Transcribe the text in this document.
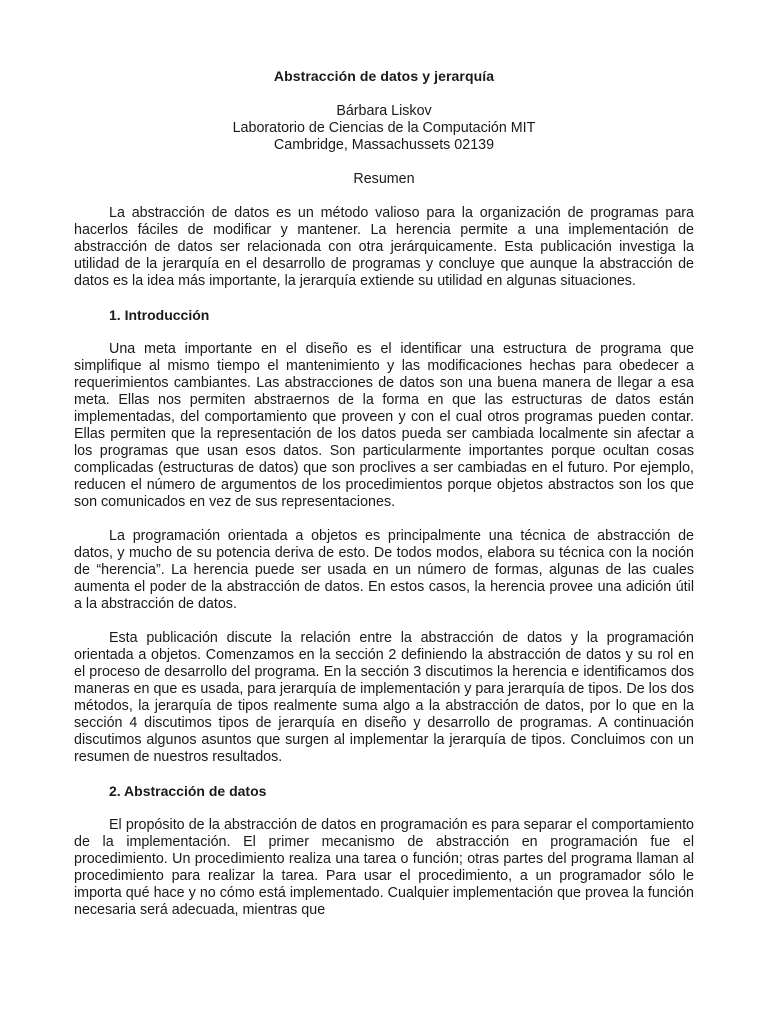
Abstracción de datos y jerarquía
Bárbara Liskov
Laboratorio de Ciencias de la Computación MIT
Cambridge, Massachussets 02139
Resumen

La abstracción de datos es un método valioso para la organización de programas para hacerlos fáciles de modificar y mantener. La herencia permite a una implementación de abstracción de datos ser relacionada con otra jerárquicamente. Esta publicación investiga la utilidad de la jerarquía en el desarrollo de programas y concluye que aunque la abstracción de datos es la idea más importante, la jerarquía extiende su utilidad en algunas situaciones.

1. Introducción

Una meta importante en el diseño es el identificar una estructura de programa que simplifique al mismo tiempo el mantenimiento y las modificaciones hechas para obedecer a requerimientos cambiantes. Las abstracciones de datos son una buena manera de llegar a esa meta. Ellas nos permiten abstraernos de la forma en que las estructuras de datos están implementadas, del comportamiento que proveen y con el cual otros programas pueden contar. Ellas permiten que la representación de los datos pueda ser cambiada localmente sin afectar a los programas que usan esos datos. Son particularmente importantes porque ocultan cosas complicadas (estructuras de datos) que son proclives a ser cambiadas en el futuro. Por ejemplo, reducen el número de argumentos de los procedimientos porque objetos abstractos son los que son comunicados en vez de sus representaciones.

La programación orientada a objetos es principalmente una técnica de abstracción de datos, y mucho de su potencia deriva de esto. De todos modos, elabora su técnica con la noción de “herencia”. La herencia puede ser usada en un número de formas, algunas de las cuales aumenta el poder de la abstracción de datos. En estos casos, la herencia provee una adición útil a la abstracción de datos.

Esta publicación discute la relación entre la abstracción de datos y la programación orientada a objetos. Comenzamos en la sección 2 definiendo la abstracción de datos y su rol en el proceso de desarrollo del programa. En la sección 3 discutimos la herencia e identificamos dos maneras en que es usada, para jerarquía de implementación y para jerarquía de tipos. De los dos métodos, la jerarquía de tipos realmente suma algo a la abstracción de datos, por lo que en la sección 4 discutimos tipos de jerarquía en diseño y desarrollo de programas. A continuación discutimos algunos asuntos que surgen al implementar la jerarquía de tipos. Concluimos con un resumen de nuestros resultados.

2. Abstracción de datos

El propósito de la abstracción de datos en programación es para separar el comportamiento de la implementación. El primer mecanismo de abstracción en programación fue el procedimiento. Un procedimiento realiza una tarea o función; otras partes del programa llaman al procedimiento para realizar la tarea. Para usar el procedimiento, a un programador sólo le importa qué hace y no cómo está implementado. Cualquier implementación que provea la función necesaria será adecuada, mientras que
